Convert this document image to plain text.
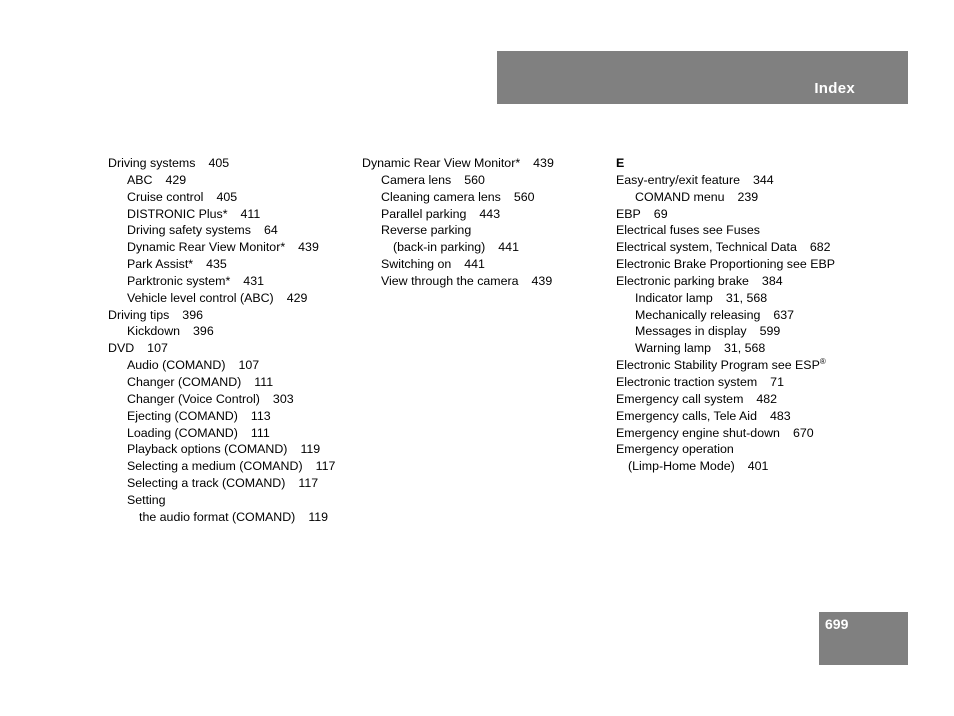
Index
Driving systems 405
ABC 429
Cruise control 405
DISTRONIC Plus* 411
Driving safety systems 64
Dynamic Rear View Monitor* 439
Park Assist* 435
Parktronic system* 431
Vehicle level control (ABC) 429
Driving tips 396
Kickdown 396
DVD 107
Audio (COMAND) 107
Changer (COMAND) 111
Changer (Voice Control) 303
Ejecting (COMAND) 113
Loading (COMAND) 111
Playback options (COMAND) 119
Selecting a medium (COMAND) 117
Selecting a track (COMAND) 117
Setting
the audio format (COMAND) 119
Dynamic Rear View Monitor* 439
Camera lens 560
Cleaning camera lens 560
Parallel parking 443
Reverse parking
(back-in parking) 441
Switching on 441
View through the camera 439
E
Easy-entry/exit feature 344
COMAND menu 239
EBP 69
Electrical fuses see Fuses
Electrical system, Technical Data 682
Electronic Brake Proportioning see EBP
Electronic parking brake 384
Indicator lamp 31, 568
Mechanically releasing 637
Messages in display 599
Warning lamp 31, 568
Electronic Stability Program see ESP®
Electronic traction system 71
Emergency call system 482
Emergency calls, Tele Aid 483
Emergency engine shut-down 670
Emergency operation
(Limp-Home Mode) 401
699
